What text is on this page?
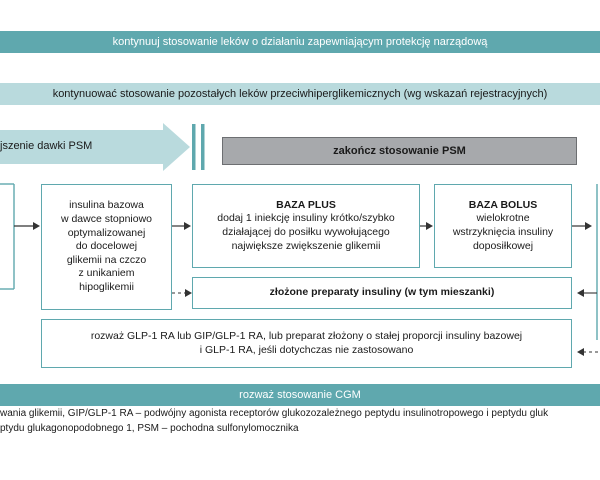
kontynuuj stosowanie leków o działaniu zapewniającym protekcję narządową
kontynuować stosowanie pozostałych leków przeciwhiperglikemicznych (wg wskazań rejestracyjnych)
jszenie dawki PSM	zakończ stosowanie PSM
insulina bazowa
w dawce stopniowo
optymalizowanej
do docelowej
glikemii na czczo
z unikaniem
hipoglikemii
BAZA PLUS
dodaj 1 iniekcję insuliny krótko/szybko
działającej do posiłku wywołującego
największe zwiększenie glikemii
BAZA BOLUS
wielokrotne
wstrzyknięcia insuliny
doposiłkowej
złożone preparaty insuliny (w tym mieszanki)
rozważ GLP-1 RA lub GIP/GLP-1 RA, lub preparat złożony o stałej proporcji insuliny bazowej
i GLP-1 RA, jeśli dotychczas nie zastosowano
rozważ stosowanie CGM
wania glikemii, GIP/GLP-1 RA – podwójny agonista receptorów glukozozależnego peptydu insulinotropowego i peptydu gluk
ptydu glukagonopodobnego 1, PSM – pochodna sulfonylomocznika
